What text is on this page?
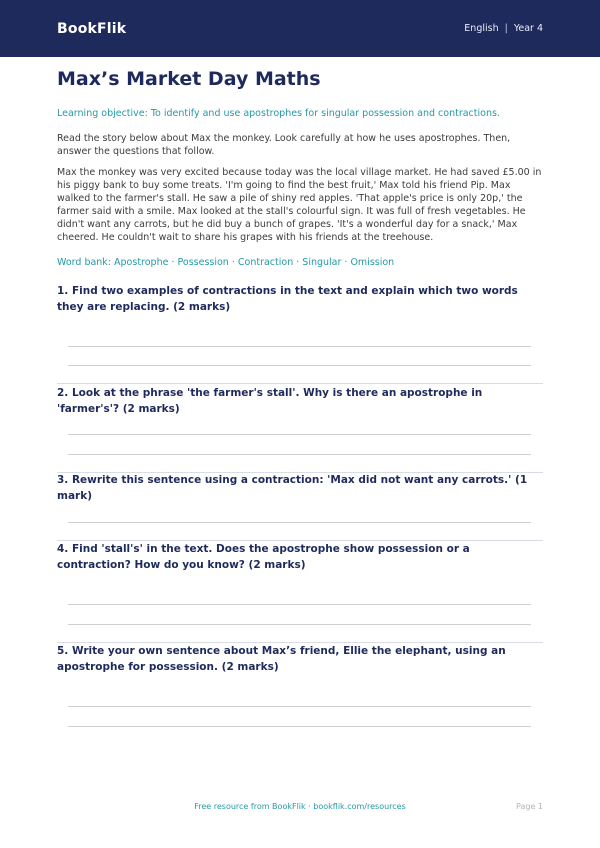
BookFlik	English | Year 4
Max’s Market Day Maths

Learning objective: To identify and use apostrophes for singular possession and contractions.

Read the story below about Max the monkey. Look carefully at how he uses apostrophes. Then, answer the questions that follow.

Max the monkey was very excited because today was the local village market. He had saved £5.00 in his piggy bank to buy some treats. 'I'm going to find the best fruit,' Max told his friend Pip. Max walked to the farmer's stall. He saw a pile of shiny red apples. 'That apple's price is only 20p,' the farmer said with a smile. Max looked at the stall's colourful sign. It was full of fresh vegetables. He didn't want any carrots, but he did buy a bunch of grapes. 'It's a wonderful day for a snack,' Max cheered. He couldn't wait to share his grapes with his friends at the treehouse.

Word bank: Apostrophe · Possession · Contraction · Singular · Omission

1. Find two examples of contractions in the text and explain which two words they are replacing. (2 marks)
2. Look at the phrase 'the farmer's stall'. Why is there an apostrophe in 'farmer's'? (2 marks)
3. Rewrite this sentence using a contraction: 'Max did not want any carrots.' (1 mark)
4. Find 'stall's' in the text. Does the apostrophe show possession or a contraction? How do you know? (2 marks)
5. Write your own sentence about Max’s friend, Ellie the elephant, using an apostrophe for possession. (2 marks)
Free resource from BookFlik · bookflik.com/resources	Page 1
